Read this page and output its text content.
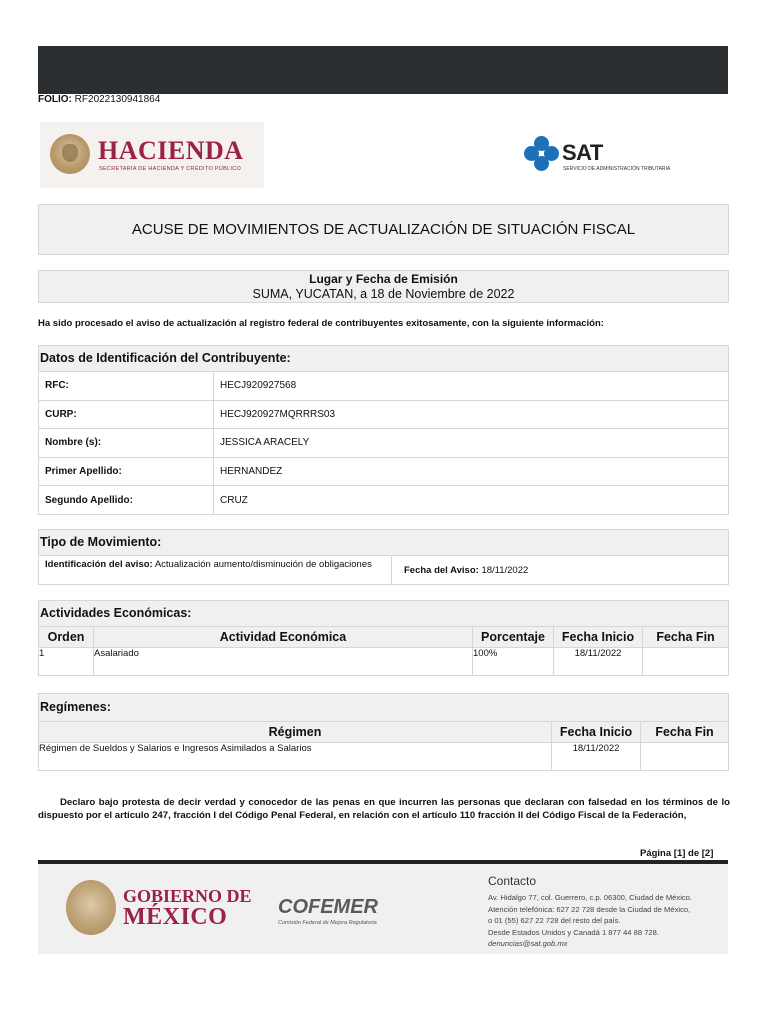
FOLIO: RF2022130941864
HACIENDA
SECRETARÍA DE HACIENDA Y CRÉDITO PÚBLICO
SAT
SERVICIO DE ADMINISTRACIÓN TRIBUTARIA
ACUSE DE MOVIMIENTOS DE ACTUALIZACIÓN DE SITUACIÓN FISCAL
Lugar y Fecha de Emisión
SUMA, YUCATAN, a 18 de Noviembre de 2022
Ha sido procesado el aviso de actualización al registro federal de contribuyentes exitosamente, con la siguiente información:
Datos de Identificación del Contribuyente:
RFC:	HECJ920927568
CURP:	HECJ920927MQRRRS03
Nombre (s):	JESSICA ARACELY
Primer Apellido:	HERNANDEZ
Segundo Apellido:	CRUZ
Tipo de Movimiento:
Identificación del aviso: Actualización aumento/disminución de obligaciones	Fecha del Aviso:
18/11/2022
Actividades Económicas:
Orden	Actividad Económica	Porcentaje	Fecha Inicio	Fecha Fin
1	Asalariado	100%	18/11/2022	
Regímenes:
Régimen	Fecha Inicio	Fecha Fin
Régimen de Sueldos y Salarios e Ingresos Asimilados a Salarios	18/11/2022	
Declaro bajo protesta de decir verdad y conocedor de las penas en que incurren las personas que declaran con falsedad en los términos de lo dispuesto por el artículo 247, fracción I del Código Penal Federal, en relación con el artículo 110 fracción II del Código Fiscal de la Federación,
Página [1] de [2]
GOBIERNO DE
MÉXICO	COFEMER
Comisión Federal de Mejora Regulatoria
Contacto
Av. Hidalgo 77, col. Guerrero, c.p. 06300, Ciudad de México.
Atención telefónica: 627 22 728 desde la Ciudad de México,
o 01 (55) 627 22 728 del resto del país.
Desde Estados Unidos y Canadá 1 877 44 88 728.
denuncias@sat.gob.mx
